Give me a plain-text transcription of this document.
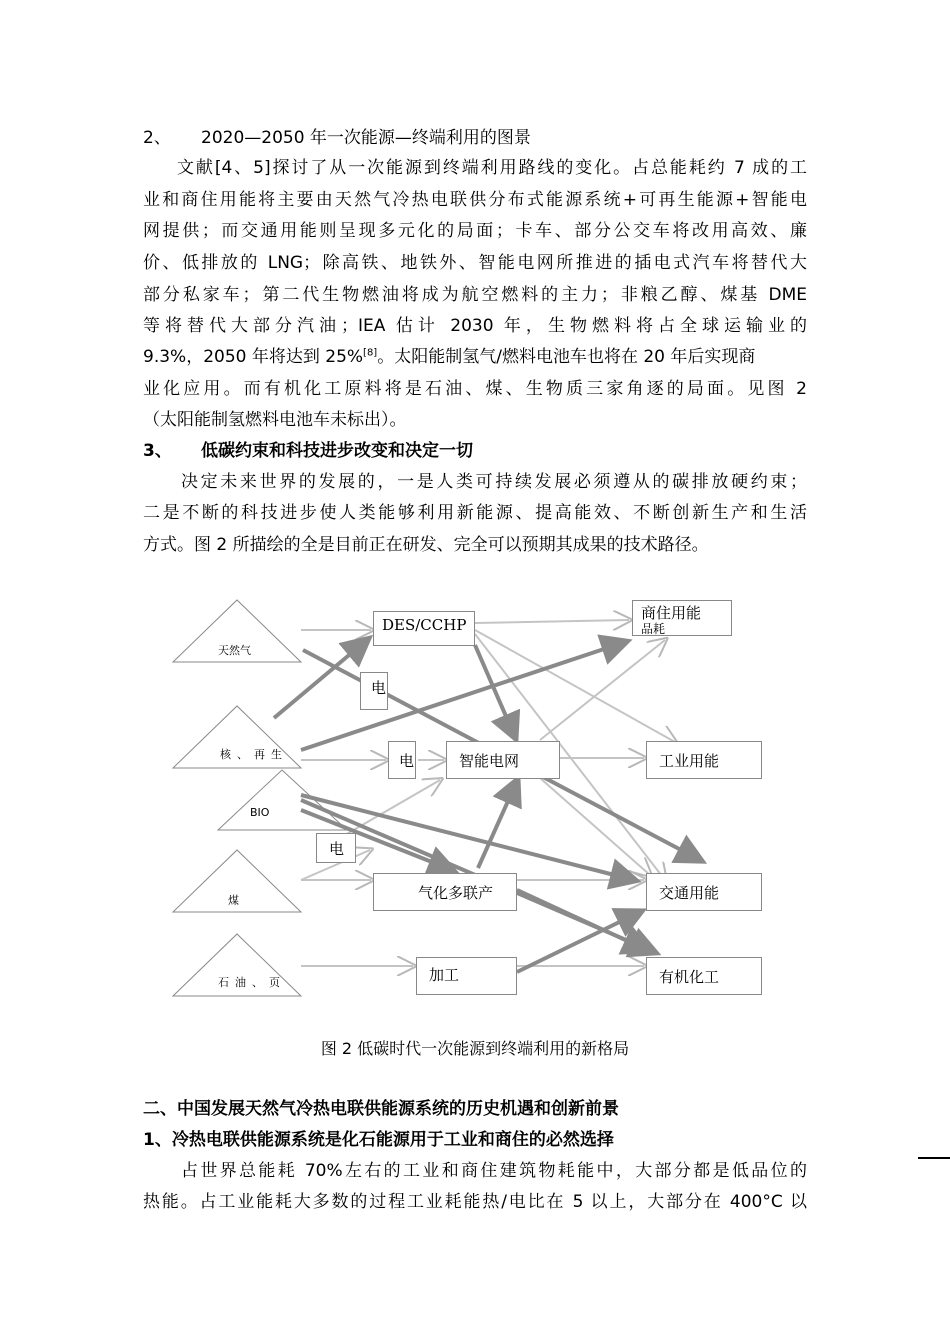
2、 2020—2050 年一次能源—终端利用的图景
文献[4、5]探讨了从一次能源到终端利用路线的变化。占总能耗约 7 成的工
业和商住用能将主要由天然气冷热电联供分布式能源系统+可再生能源+智能电
网提供；而交通用能则呈现多元化的局面；卡车、部分公交车将改用高效、廉
价、低排放的 LNG；除高铁、地铁外、智能电网所推进的插电式汽车将替代大
部分私家车；第二代生物燃油将成为航空燃料的主力；非粮乙醇、煤基 DME
等将替代大部分汽油；IEA 估计 2030 年，生物燃料将占全球运输业的
9.3%，2050 年将达到 25%[8]。太阳能制氢气/燃料电池车也将在 20 年后实现商
业化应用。而有机化工原料将是石油、煤、生物质三家角逐的局面。见图 2
（太阳能制氢燃料电池车未标出）。
3、 低碳约束和科技进步改变和决定一切
决定未来世界的发展的，一是人类可持续发展必须遵从的碳排放硬约束；
二是不断的科技进步使人类能够利用新能源、提高能效、不断创新生产和生活
方式。图 2 所描绘的全是目前正在研发、完全可以预期其成果的技术路径。
DES/CCHP
商住用能
品耗
电
电	智能电网	工业用能
电
气化多联产	交通用能
加工	有机化工
图 2 低碳时代一次能源到终端利用的新格局
二、中国发展天然气冷热电联供能源系统的历史机遇和创新前景
1、冷热电联供能源系统是化石能源用于工业和商住的必然选择
占世界总能耗 70%左右的工业和商住建筑物耗能中，大部分都是低品位的
热能。占工业能耗大多数的过程工业耗能热/电比在 5 以上，大部分在 400°C 以
